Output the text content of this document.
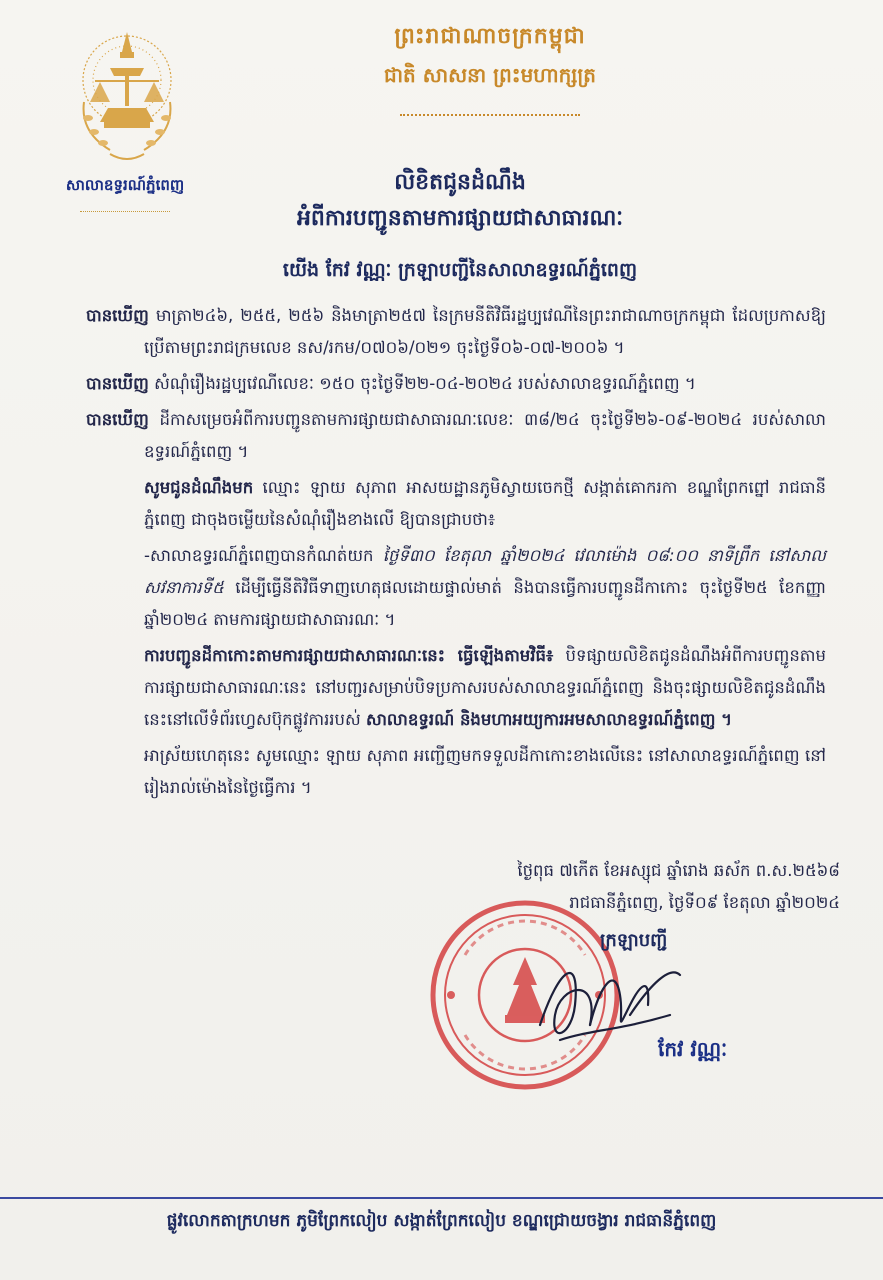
សាលាឧទ្ធរណ៍ភ្នំពេញ
ព្រះរាជាណាចក្រកម្ពុជា
ជាតិ សាសនា ព្រះមហាក្សត្រ
លិខិតជូនដំណឹង
អំពីការបញ្ជូនតាមការផ្សាយជាសាធារណៈ
យើង កែវ វណ្ណៈ ក្រឡាបញ្ជីនៃសាលាឧទ្ធរណ៍ភ្នំពេញ

បានឃើញ មាត្រា២៤៦, ២៥៥, ២៥៦ និងមាត្រា២៥៧ នៃក្រមនីតិវិធីរដ្ឋប្បវេណីនៃព្រះរាជាណាចក្រកម្ពុជា ដែលប្រកាសឱ្យប្រើតាមព្រះរាជក្រមលេខ នស/រកម/០៧០៦/០២១ ចុះថ្ងៃទី០៦-០៧-២០០៦ ។

បានឃើញ សំណុំរឿងរដ្ឋប្បវេណីលេខៈ ១៥០ ចុះថ្ងៃទី២២-០៤-២០២៤ របស់សាលាឧទ្ធរណ៍ភ្នំពេញ ។

បានឃើញ ដីកាសម្រេចអំពីការបញ្ជូនតាមការផ្សាយជាសាធារណៈលេខៈ ៣៨/២៤ ចុះថ្ងៃទី២៦-០៩-២០២៤ របស់សាលាឧទ្ធរណ៍ភ្នំពេញ ។

សូមជូនដំណឹងមក ឈ្មោះ ឡាយ សុភាព អាសយដ្ឋានភូមិស្វាយចេកថ្មី សង្កាត់គោករកា ខណ្ឌព្រែកព្នៅ រាជធានីភ្នំពេញ ជាចុងចម្លើយនៃសំណុំរឿងខាងលើ ឱ្យបានជ្រាបថា៖

-សាលាឧទ្ធរណ៍ភ្នំពេញបានកំណត់យក ថ្ងៃទី៣០ ខែតុលា ឆ្នាំ២០២៤ វេលាម៉ោង ០៨:០០ នាទីព្រឹក នៅសាលសវនាការទី៥ ដើម្បីធ្វើនីតិវិធីទាញហេតុផលដោយផ្ទាល់មាត់ និងបានធ្វើការបញ្ជូនដីកាកោះ ចុះថ្ងៃទី២៥ ខែកញ្ញា ឆ្នាំ២០២៤ តាមការផ្សាយជាសាធារណៈ ។

ការបញ្ជូនដីកាកោះតាមការផ្សាយជាសាធារណៈនេះ ធ្វើឡើងតាមវិធី៖ បិទផ្សាយលិខិតជូនដំណឹងអំពីការបញ្ជូនតាមការផ្សាយជាសាធារណៈនេះ នៅបញ្ជរសម្រាប់បិទប្រកាសរបស់សាលាឧទ្ធរណ៍ភ្នំពេញ និងចុះផ្សាយលិខិតជូនដំណឹងនេះនៅលើទំព័រហ្វេសប៊ុកផ្លូវការរបស់ សាលាឧទ្ធរណ៍ និងមហាអយ្យការអមសាលាឧទ្ធរណ៍ភ្នំពេញ ។

អាស្រ័យហេតុនេះ សូមឈ្មោះ ឡាយ សុភាព អញ្ជើញមកទទួលដីកាកោះខាងលើនេះ នៅសាលាឧទ្ធរណ៍ភ្នំពេញ នៅរៀងរាល់ម៉ោងនៃថ្ងៃធ្វើការ ។

ថ្ងៃពុធ ៧កើត ខែអស្សុជ ឆ្នាំរោង ឆស័ក ព.ស.២៥៦៨
រាជធានីភ្នំពេញ, ថ្ងៃទី០៩ ខែតុលា ឆ្នាំ២០២៤
ក្រឡាបញ្ជី
កែវ វណ្ណៈ
ផ្លូវលោកតាក្រហមក ភូមិព្រែកលៀប សង្កាត់ព្រែកលៀប ខណ្ឌជ្រោយចង្វារ រាជធានីភ្នំពេញ
